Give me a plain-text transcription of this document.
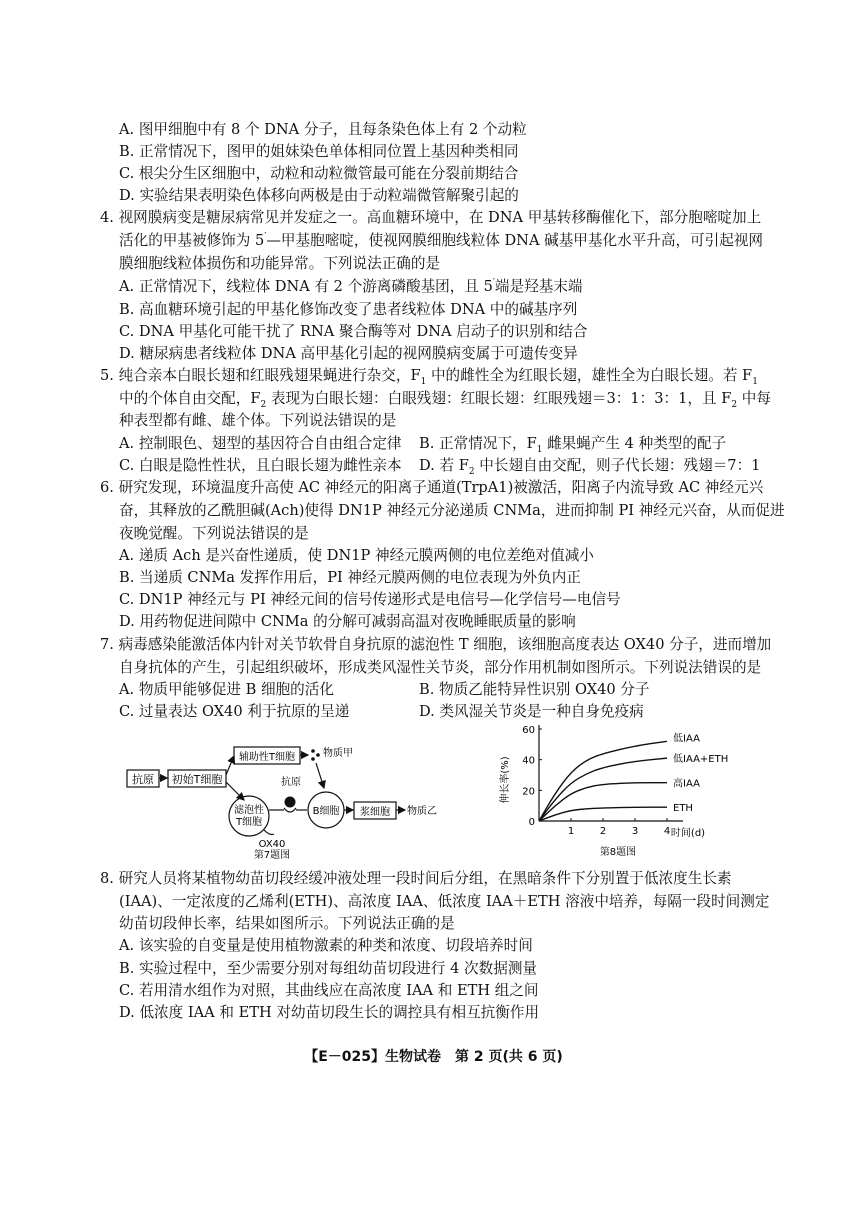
A. 图甲细胞中有 8 个 DNA 分子，且每条染色体上有 2 个动粒
B. 正常情况下，图甲的姐妹染色单体相同位置上基因种类相同
C. 根尖分生区细胞中，动粒和动粒微管最可能在分裂前期结合
D. 实验结果表明染色体移向两极是由于动粒端微管解聚引起的
4. 视网膜病变是糖尿病常见并发症之一。高血糖环境中，在 DNA 甲基转移酶催化下，部分胞嘧啶加上
活化的甲基被修饰为 5′—甲基胞嘧啶，使视网膜细胞线粒体 DNA 碱基甲基化水平升高，可引起视网
膜细胞线粒体损伤和功能异常。下列说法正确的是
A. 正常情况下，线粒体 DNA 有 2 个游离磷酸基团，且 5′端是羟基末端
B. 高血糖环境引起的甲基化修饰改变了患者线粒体 DNA 中的碱基序列
C. DNA 甲基化可能干扰了 RNA 聚合酶等对 DNA 启动子的识别和结合
D. 糖尿病患者线粒体 DNA 高甲基化引起的视网膜病变属于可遗传变异
5. 纯合亲本白眼长翅和红眼残翅果蝇进行杂交，$F_1$ 中的雌性全为红眼长翅，雄性全为白眼长翅。若 $F_1$
中的个体自由交配，$F_2$ 表现为白眼长翅：白眼残翅：红眼长翅：红眼残翅＝3：1：3：1，且 $F_2$ 中每
种表型都有雌、雄个体。下列说法错误的是
A. 控制眼色、翅型的基因符合自由组合定律 B. 正常情况下，$F_1$ 雌果蝇产生 4 种类型的配子
C. 白眼是隐性性状，且白眼长翅为雌性亲本 D. 若 $F_2$ 中长翅自由交配，则子代长翅：残翅＝7：1
6. 研究发现，环境温度升高使 AC 神经元的阳离子通道(TrpA1)被激活，阳离子内流导致 AC 神经元兴
奋，其释放的乙酰胆碱(Ach)使得 DN1P 神经元分泌递质 CNMa，进而抑制 PI 神经元兴奋，从而促进
夜晚觉醒。下列说法错误的是
A. 递质 Ach 是兴奋性递质，使 DN1P 神经元膜两侧的电位差绝对值减小
B. 当递质 CNMa 发挥作用后，PI 神经元膜两侧的电位表现为外负内正
C. DN1P 神经元与 PI 神经元间的信号传递形式是电信号—化学信号—电信号
D. 用药物促进间隙中 CNMa 的分解可减弱高温对夜晚睡眠质量的影响
7. 病毒感染能激活体内针对关节软骨自身抗原的滤泡性 T 细胞，该细胞高度表达 OX40 分子，进而增加
自身抗体的产生，引起组织破坏，形成类风湿性关节炎，部分作用机制如图所示。下列说法错误的是
A. 物质甲能够促进 B 细胞的活化	B. 物质乙能特异性识别 OX40 分子
C. 过量表达 OX40 利于抗原的呈递	D. 类风湿关节炎是一种自身免疫病
抗原 初始T细胞
辅助性T细胞	物质甲
滤泡性
T细胞
抗原
B细胞 浆细胞 物质乙
OX40
第7题图
0
20
40
60
1	2	3	4
低IAA
低IAA+ETH
高IAA
ETH
伸长率(%)
时间(d)
第8题图
8. 研究人员将某植物幼苗切段经缓冲液处理一段时间后分组，在黑暗条件下分别置于低浓度生长素
(IAA)、一定浓度的乙烯利(ETH)、高浓度 IAA、低浓度 IAA＋ETH 溶液中培养，每隔一段时间测定
幼苗切段伸长率，结果如图所示。下列说法正确的是
A. 该实验的自变量是使用植物激素的种类和浓度、切段培养时间
B. 实验过程中，至少需要分别对每组幼苗切段进行 4 次数据测量
C. 若用清水组作为对照，其曲线应在高浓度 IAA 和 ETH 组之间
D. 低浓度 IAA 和 ETH 对幼苗切段生长的调控具有相互抗衡作用
【E－025】生物试卷　第 2 页(共 6 页)
